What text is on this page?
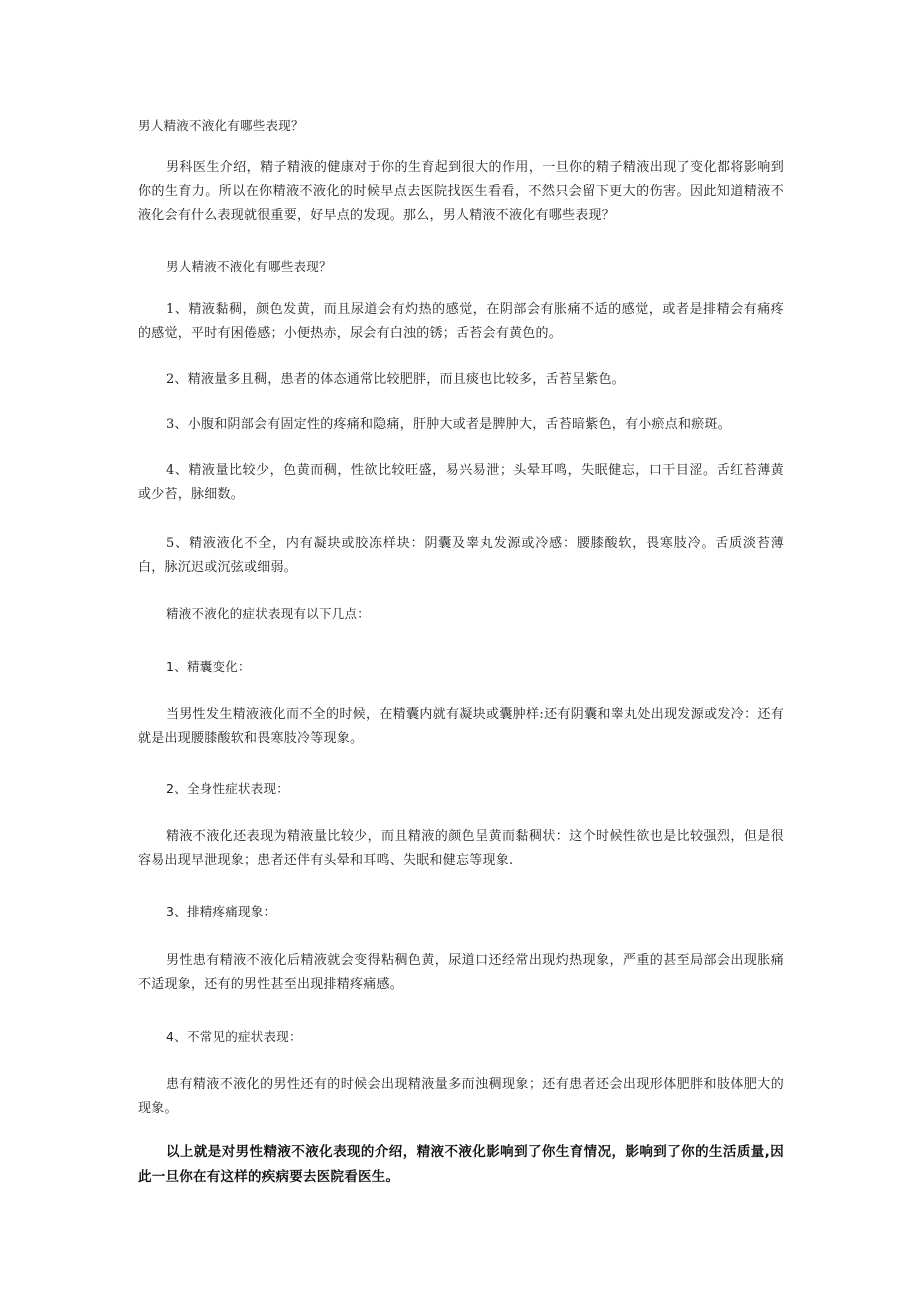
男人精液不液化有哪些表现？

男科医生介绍，精子精液的健康对于你的生育起到很大的作用，一旦你的精子精液出现了变化都将影响到你的生育力。所以在你精液不液化的时候早点去医院找医生看看，不然只会留下更大的伤害。因此知道精液不液化会有什么表现就很重要，好早点的发现。那么，男人精液不液化有哪些表现？

男人精液不液化有哪些表现？

1、精液黏稠，颜色发黄，而且尿道会有灼热的感觉，在阴部会有胀痛不适的感觉，或者是排精会有痛疼的感觉，平时有困倦感；小便热赤，尿会有白浊的锈；舌苔会有黄色的。

2、精液量多且稠，患者的体态通常比较肥胖，而且痰也比较多，舌苔呈紫色。

3、小腹和阴部会有固定性的疼痛和隐痛，肝肿大或者是脾肿大，舌苔暗紫色，有小瘀点和瘀斑。

4、精液量比较少，色黄而稠，性欲比较旺盛，易兴易泄；头晕耳鸣，失眠健忘，口干目涩。舌红苔薄黄或少苔，脉细数。

5、精液液化不全，内有凝块或胶冻样块：阴囊及睾丸发源或冷感：腰膝酸软，畏寒肢冷。舌质淡苔薄白，脉沉迟或沉弦或细弱。

精液不液化的症状表现有以下几点：

1、精囊变化：

当男性发生精液液化而不全的时候，在精囊内就有凝块或囊肿样:还有阴囊和睾丸处出现发源或发冷：还有就是出现腰膝酸软和畏寒肢冷等现象。

2、全身性症状表现：

精液不液化还表现为精液量比较少，而且精液的颜色呈黄而黏稠状：这个时候性欲也是比较强烈，但是很容易出现早泄现象；患者还伴有头晕和耳鸣、失眠和健忘等现象.

3、排精疼痛现象：

男性患有精液不液化后精液就会变得粘稠色黄，尿道口还经常出现灼热现象，严重的甚至局部会出现胀痛不适现象，还有的男性甚至出现排精疼痛感。

4、不常见的症状表现：

患有精液不液化的男性还有的时候会出现精液量多而浊稠现象；还有患者还会出现形体肥胖和肢体肥大的现象。

以上就是对男性精液不液化表现的介绍，精液不液化影响到了你生育情况，影响到了你的生活质量,因此一旦你在有这样的疾病要去医院看医生。
